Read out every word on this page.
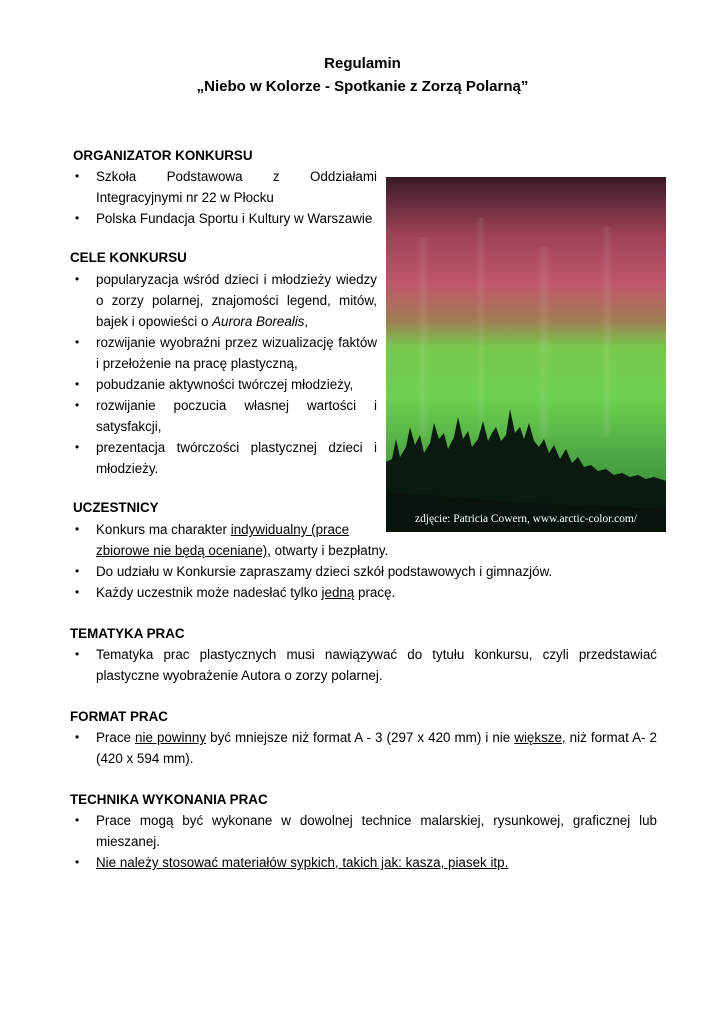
Regulamin
„Niebo w Kolorze - Spotkanie z Zorzą Polarną”
ORGANIZATOR KONKURSU
• Szkoła Podstawowa z Oddziałami Integracyjnymi nr 22 w Płocku
• Polska Fundacja Sportu i Kultury w Warszawie
CELE KONKURSU
• popularyzacja wśród dzieci i młodzieży wiedzy o zorzy polarnej, znajomości legend, mitów, bajek i opowieści o Aurora Borealis,
• rozwijanie wyobraźni przez wizualizację faktów i przełożenie na pracę plastyczną,
• pobudzanie aktywności twórczej młodzieży,
• rozwijanie poczucia własnej wartości i satysfakcji,
• prezentacja twórczości plastycznej dzieci i młodzieży.
UCZESTNICY
• Konkurs ma charakter indywidualny (prace zbiorowe nie będą oceniane), otwarty i bezpłatny.
• Do udziału w Konkursie zapraszamy dzieci szkół podstawowych i gimnazjów.
• Każdy uczestnik może nadesłać tylko jedną pracę.
TEMATYKA PRAC
• Tematyka prac plastycznych musi nawiązywać do tytułu konkursu, czyli przedstawiać plastyczne wyobrażenie Autora o zorzy polarnej.
FORMAT PRAC
• Prace nie powinny być mniejsze niż format A - 3 (297 x 420 mm) i nie większe, niż format A- 2 (420 x 594 mm).
TECHNIKA WYKONANIA PRAC
• Prace mogą być wykonane w dowolnej technice malarskiej, rysunkowej, graficznej lub mieszanej.
• Nie należy stosować materiałów sypkich, takich jak: kasza, piasek itp.
zdjęcie: Patricia Cowern, www.arctic-color.com/
